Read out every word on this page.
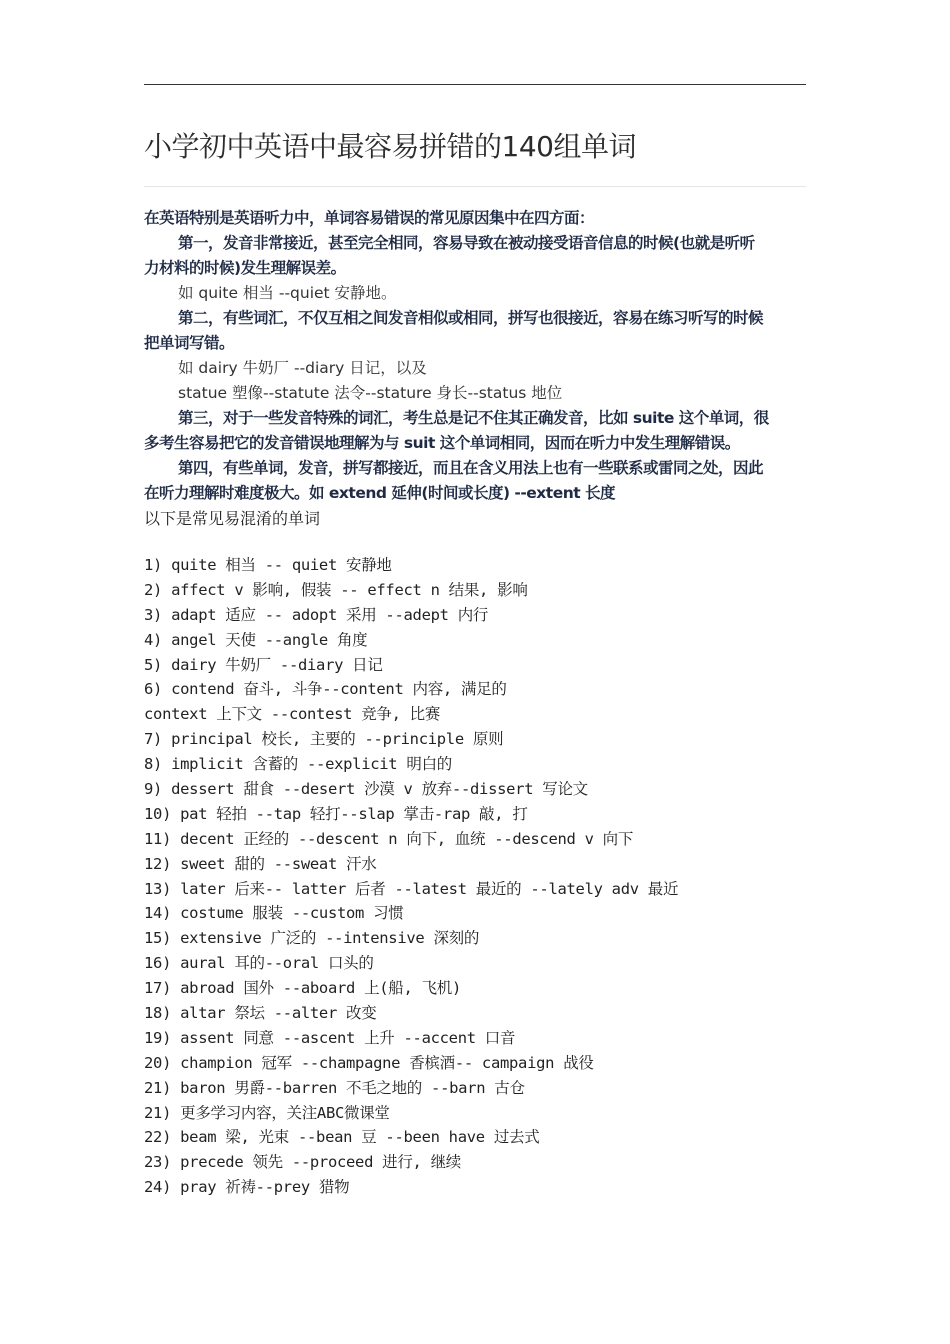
小学初中英语中最容易拼错的140组单词
在英语特别是英语听力中，单词容易错误的常见原因集中在四方面：
第一，发音非常接近，甚至完全相同，容易导致在被动接受语音信息的时候(也就是听听
力材料的时候)发生理解误差。
如 quite 相当 --quiet 安静地。
第二，有些词汇，不仅互相之间发音相似或相同，拼写也很接近，容易在练习听写的时候
把单词写错。
如 dairy 牛奶厂 --diary 日记，以及
statue 塑像--statute 法令--stature 身长--status 地位
第三，对于一些发音特殊的词汇，考生总是记不住其正确发音，比如 suite 这个单词，很
多考生容易把它的发音错误地理解为与 suit 这个单词相同，因而在听力中发生理解错误。
第四，有些单词，发音，拼写都接近，而且在含义用法上也有一些联系或雷同之处，因此
在听力理解时难度极大。如 extend 延伸(时间或长度) --extent 长度
以下是常见易混淆的单词
1) quite 相当 -- quiet 安静地
2) affect v 影响, 假装 -- effect n 结果, 影响
3) adapt 适应 -- adopt 采用 --adept 内行
4) angel 天使 --angle 角度
5) dairy 牛奶厂 --diary 日记
6) contend 奋斗, 斗争--content 内容, 满足的
context 上下文 --contest 竞争, 比赛
7) principal 校长, 主要的 --principle 原则
8) implicit 含蓄的 --explicit 明白的
9) dessert 甜食 --desert 沙漠 v 放弃--dissert 写论文
10) pat 轻拍 --tap 轻打--slap 掌击-rap 敲, 打
11) decent 正经的 --descent n 向下, 血统 --descend v 向下
12) sweet 甜的 --sweat 汗水
13) later 后来-- latter 后者 --latest 最近的 --lately adv 最近
14) costume 服装 --custom 习惯
15) extensive 广泛的 --intensive 深刻的
16) aural 耳的--oral 口头的
17) abroad 国外 --aboard 上(船, 飞机)
18) altar 祭坛 --alter 改变
19) assent 同意 --ascent 上升 --accent 口音
20) champion 冠军 --champagne 香槟酒-- campaign 战役
21) baron 男爵--barren 不毛之地的 --barn 古仓
21) 更多学习内容，关注ABC微课堂
22) beam 梁, 光束 --bean 豆 --been have 过去式
23) precede 领先 --proceed 进行, 继续
24) pray 祈祷--prey 猎物
